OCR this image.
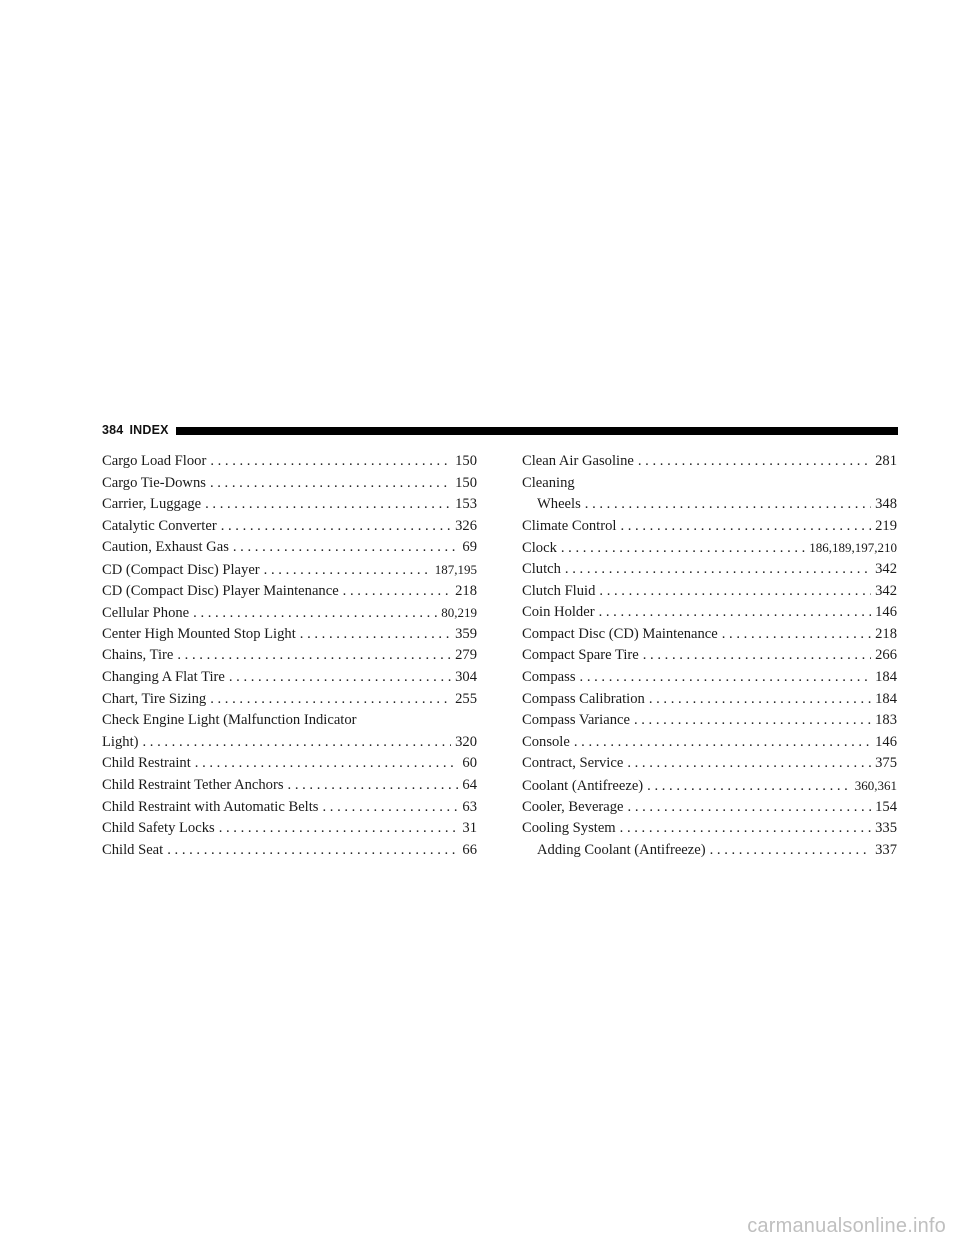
384 INDEX
Cargo Load Floor . . .	150
Cargo Tie-Downs . . .	150
Carrier, Luggage . . .	153
Catalytic Converter . . .	326
Caution, Exhaust Gas . . .	69
CD (Compact Disc) Player . . .	187,195
CD (Compact Disc) Player Maintenance . . .	218
Cellular Phone . . .	80,219
Center High Mounted Stop Light . . .	359
Chains, Tire . . .	279
Changing A Flat Tire . . .	304
Chart, Tire Sizing . . .	255
Check Engine Light (Malfunction Indicator
Light) . . .	320
Child Restraint . . .	60
Child Restraint Tether Anchors . . .	64
Child Restraint with Automatic Belts . . .	63
Child Safety Locks . . .	31
Child Seat . . .	66
Clean Air Gasoline . . .	281
Cleaning
Wheels . . .	348
Climate Control . . .	219
Clock . . .	186,189,197,210
Clutch . . .	342
Clutch Fluid . . .	342
Coin Holder . . .	146
Compact Disc (CD) Maintenance . . .	218
Compact Spare Tire . . .	266
Compass . . .	184
Compass Calibration . . .	184
Compass Variance . . .	183
Console . . .	146
Contract, Service . . .	375
Coolant (Antifreeze) . . .	360,361
Cooler, Beverage . . .	154
Cooling System . . .	335
Adding Coolant (Antifreeze) . . .	337
carmanualsonline.info
